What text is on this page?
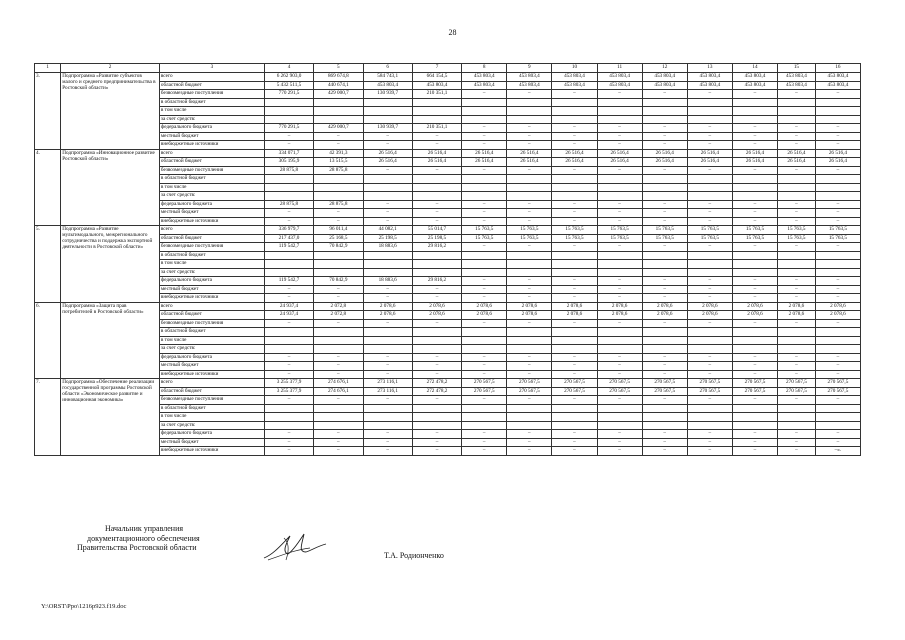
28
1	2	3	4	5	6	7	8	9	10	11	12	13	14	15	16
3.	Подпрограмма «Развитие субъектов малого и среднего предпринимательства в Ростовской области»	всего	6 262 903,0	869 674,8	584 743,1	664 154,5	453 803,4	453 803,4	453 803,4	453 803,4	453 803,4	453 803,4	453 803,4	453 803,4	453 803,4
		областной бюджет	5 432 511,5	440 674,1	453 803,4	453 803,4	453 803,4	453 803,4	453 803,4	453 803,4	453 803,4	453 803,4	453 803,4	453 803,4	453 803,4
		безвозмездные поступления	770 291,5	429 000,7	130 939,7	210 351,1	–	–	–	–	–	–	–	–	–
		в областной бюджет													
		в том числе													
		за счет средств:													
		федерального бюджета	770 291,5	429 000,7	130 939,7	210 351,1	–	–	–	–	–	–	–	–	–
		местный бюджет	–	–	–	–	–	–	–	–	–	–	–	–	–
		внебюджетные источники	–	–	–	–	–	–	–	–	–	–	–	–	–
4.	Подпрограмма «Инновационное развитие Ростовской области»	всего	334 071,7	42 391,3	26 516,4	26 516,4	26 516,4	26 516,4	26 516,4	26 516,4	26 516,4	26 516,4	26 516,4	26 516,4	26 516,4
		областной бюджет	305 195,9	13 515,5	26 516,4	26 516,4	26 516,4	26 516,4	26 516,4	26 516,4	26 516,4	26 516,4	26 516,4	26 516,4	26 516,4
		безвозмездные поступления	28 875,8	28 875,8	–	–	–	–	–	–	–	–	–	–	–
		в областной бюджет													
		в том числе													
		за счет средств:													
		федерального бюджета	28 875,8	28 875,8	–	–	–	–	–	–	–	–	–	–	–
		местный бюджет	–	–	–	–	–	–	–	–	–	–	–	–	–
		внебюджетные источники	–	–	–	–	–	–	–	–	–	–	–	–	–
5.	Подпрограмма «Развитие мультимодального, межрегионального сотрудничества и поддержка экспортной деятельности в Ростовской области»	всего	336 979,7	96 011,4	44 082,1	55 014,7	15 763,5	15 763,5	15 763,5	15 763,5	15 763,5	15 763,5	15 763,5	15 763,5	15 763,5
		областной бюджет	217 437,0	25 168,5	25 198,5	25 198,5	15 763,5	15 763,5	15 763,5	15 763,5	15 763,5	15 763,5	15 763,5	15 763,5	15 763,5
		безвозмездные поступления	119 542,7	70 842,9	18 883,6	29 816,2	–	–	–	–	–	–	–	–	–
		в областной бюджет													
		в том числе													
		за счет средств:													
		федерального бюджета	119 542,7	70 842,9	18 883,6	29 816,2	–	–	–	–	–	–	–	–	–
		местный бюджет	–	–	–	–	–	–	–	–	–	–	–	–	–
		внебюджетные источники	–	–	–	–	–	–	–	–	–	–	–	–	–
6.	Подпрограмма «Защита прав потребителей в Ростовской области»	всего	24 937,4	2 072,8	2 078,6	2 078,6	2 078,6	2 078,6	2 078,6	2 078,6	2 078,6	2 078,6	2 078,6	2 078,6	2 078,6
		областной бюджет	24 937,4	2 072,8	2 078,6	2 078,6	2 078,6	2 078,6	2 078,6	2 078,6	2 078,6	2 078,6	2 078,6	2 078,6	2 078,6
		безвозмездные поступления	–	–	–	–	–	–	–	–	–	–	–	–	–
		в областной бюджет													
		в том числе													
		за счет средств:													
		федерального бюджета	–	–	–	–	–	–	–	–	–	–	–	–	–
		местный бюджет	–	–	–	–	–	–	–	–	–	–	–	–	–
		внебюджетные источники	–	–	–	–	–	–	–	–	–	–	–	–	–
7.	Подпрограмма «Обеспечение реализации государственной программы Ростовской области «Экономическое развитие и инновационная экономика»	всего	3 255 377,9	274 676,1	273 116,1	272 478,2	270 567,5	270 567,5	270 567,5	270 567,5	270 567,5	270 567,5	270 567,5	270 567,5	270 567,5
		областной бюджет	3 255 377,9	274 676,1	273 116,1	272 478,2	270 567,5	270 567,5	270 567,5	270 567,5	270 567,5	270 567,5	270 567,5	270 567,5	270 567,5
		безвозмездные поступления	–	–	–	–	–	–	–	–	–	–	–	–	–
		в областной бюджет													
		в том числе													
		за счет средств:													
		федерального бюджета	–	–	–	–	–	–	–	–	–	–	–	–	–
		местный бюджет	–	–	–	–	–	–	–	–	–	–	–	–	–
		внебюджетные источники	–	–	–	–	–	–	–	–	–	–	–	–	–».
Начальник управления
документационного обеспечения
Правительства Ростовской области
Т.А. Родионченко
Y:\ORST\Ppo\1216p923.f19.doc
